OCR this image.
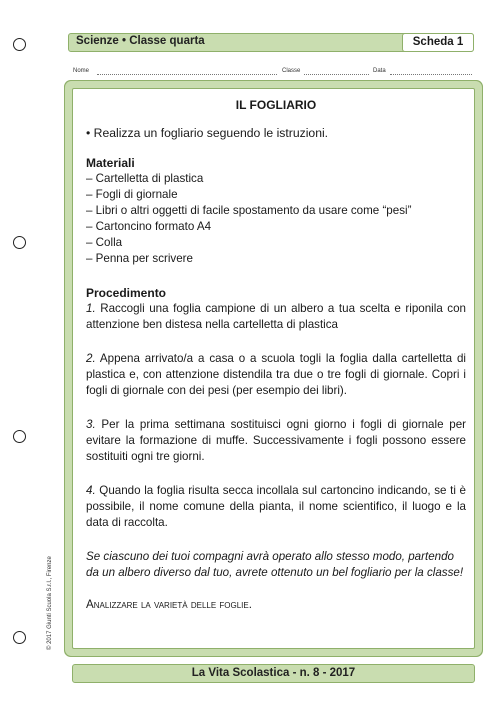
Scienze • Classe quarta	Scheda 1
Nome	Classe	Data

IL FOGLIARIO

• Realizza un fogliario seguendo le istruzioni.

Materiali

– Cartelletta di plastica
– Fogli di giornale
– Libri o altri oggetti di facile spostamento da usare come “pesi”
– Cartoncino formato A4
– Colla
– Penna per scrivere

Procedimento

1. Raccogli una foglia campione di un albero a tua scelta e riponila con attenzione ben distesa nella cartelletta di plastica

2. Appena arrivato/a a casa o a scuola togli la foglia dalla cartelletta di plastica e, con attenzione distendila tra due o tre fogli di giornale. Copri i fogli di giornale con dei pesi (per esempio dei libri).

3. Per la prima settimana sostituisci ogni giorno i fogli di giornale per evitare la formazione di muffe. Successivamente i fogli possono essere sostituiti ogni tre giorni.

4. Quando la foglia risulta secca incollala sul cartoncino indicando, se ti è possibile, il nome comune della pianta, il nome scientifico, il luogo e la data di raccolta.

Se ciascuno dei tuoi compagni avrà operato allo stesso modo, partendo da un albero diverso dal tuo, avrete ottenuto un bel fogliario per la classe!

Analizzare la varietà delle foglie.

© 2017 Giunti Scuola S.r.l., Firenze
La Vita Scolastica - n. 8 - 2017
